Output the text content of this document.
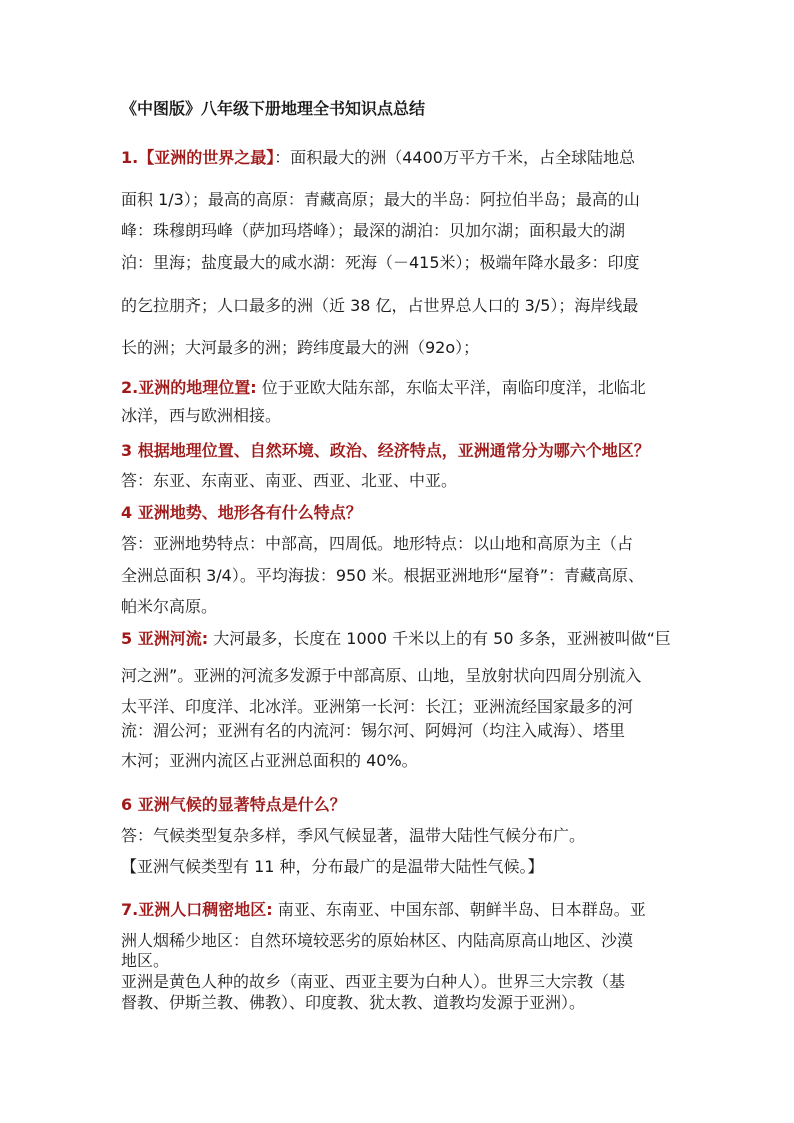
《中图版》八年级下册地理全书知识点总结

1.【亚洲的世界之最】：面积最大的洲（4400万平方千米，占全球陆地总

面积 1/3）；最高的高原：青藏高原；最大的半岛：阿拉伯半岛；最高的山

峰：珠穆朗玛峰（萨加玛塔峰）；最深的湖泊：贝加尔湖；面积最大的湖

泊：里海；盐度最大的咸水湖：死海（－415米）；极端年降水最多：印度

的乞拉朋齐；人口最多的洲（近 38 亿，占世界总人口的 3/5）；海岸线最

长的洲；大河最多的洲；跨纬度最大的洲（92o）；

2.亚洲的地理位置: 位于亚欧大陆东部，东临太平洋，南临印度洋，北临北

冰洋，西与欧洲相接。

3 根据地理位置、自然环境、政治、经济特点，亚洲通常分为哪六个地区？

答：东亚、东南亚、南亚、西亚、北亚、中亚。

4 亚洲地势、地形各有什么特点？

答：亚洲地势特点：中部高，四周低。地形特点：以山地和高原为主（占

全洲总面积 3/4）。平均海拔：950 米。根据亚洲地形“屋脊”：青藏高原、

帕米尔高原。

5 亚洲河流: 大河最多，长度在 1000 千米以上的有 50 多条，亚洲被叫做“巨

河之洲”。亚洲的河流多发源于中部高原、山地，呈放射状向四周分别流入

太平洋、印度洋、北冰洋。亚洲第一长河：长江；亚洲流经国家最多的河

流：湄公河；亚洲有名的内流河：锡尔河、阿姆河（均注入咸海）、塔里

木河；亚洲内流区占亚洲总面积的 40%。

6 亚洲气候的显著特点是什么？

答：气候类型复杂多样，季风气候显著，温带大陆性气候分布广。

【亚洲气候类型有 11 种，分布最广的是温带大陆性气候。】

7.亚洲人口稠密地区: 南亚、东南亚、中国东部、朝鲜半岛、日本群岛。亚

洲人烟稀少地区：自然环境较恶劣的原始林区、内陆高原高山地区、沙漠

地区。

亚洲是黄色人种的故乡（南亚、西亚主要为白种人）。世界三大宗教（基

督教、伊斯兰教、佛教）、印度教、犹太教、道教均发源于亚洲）。
